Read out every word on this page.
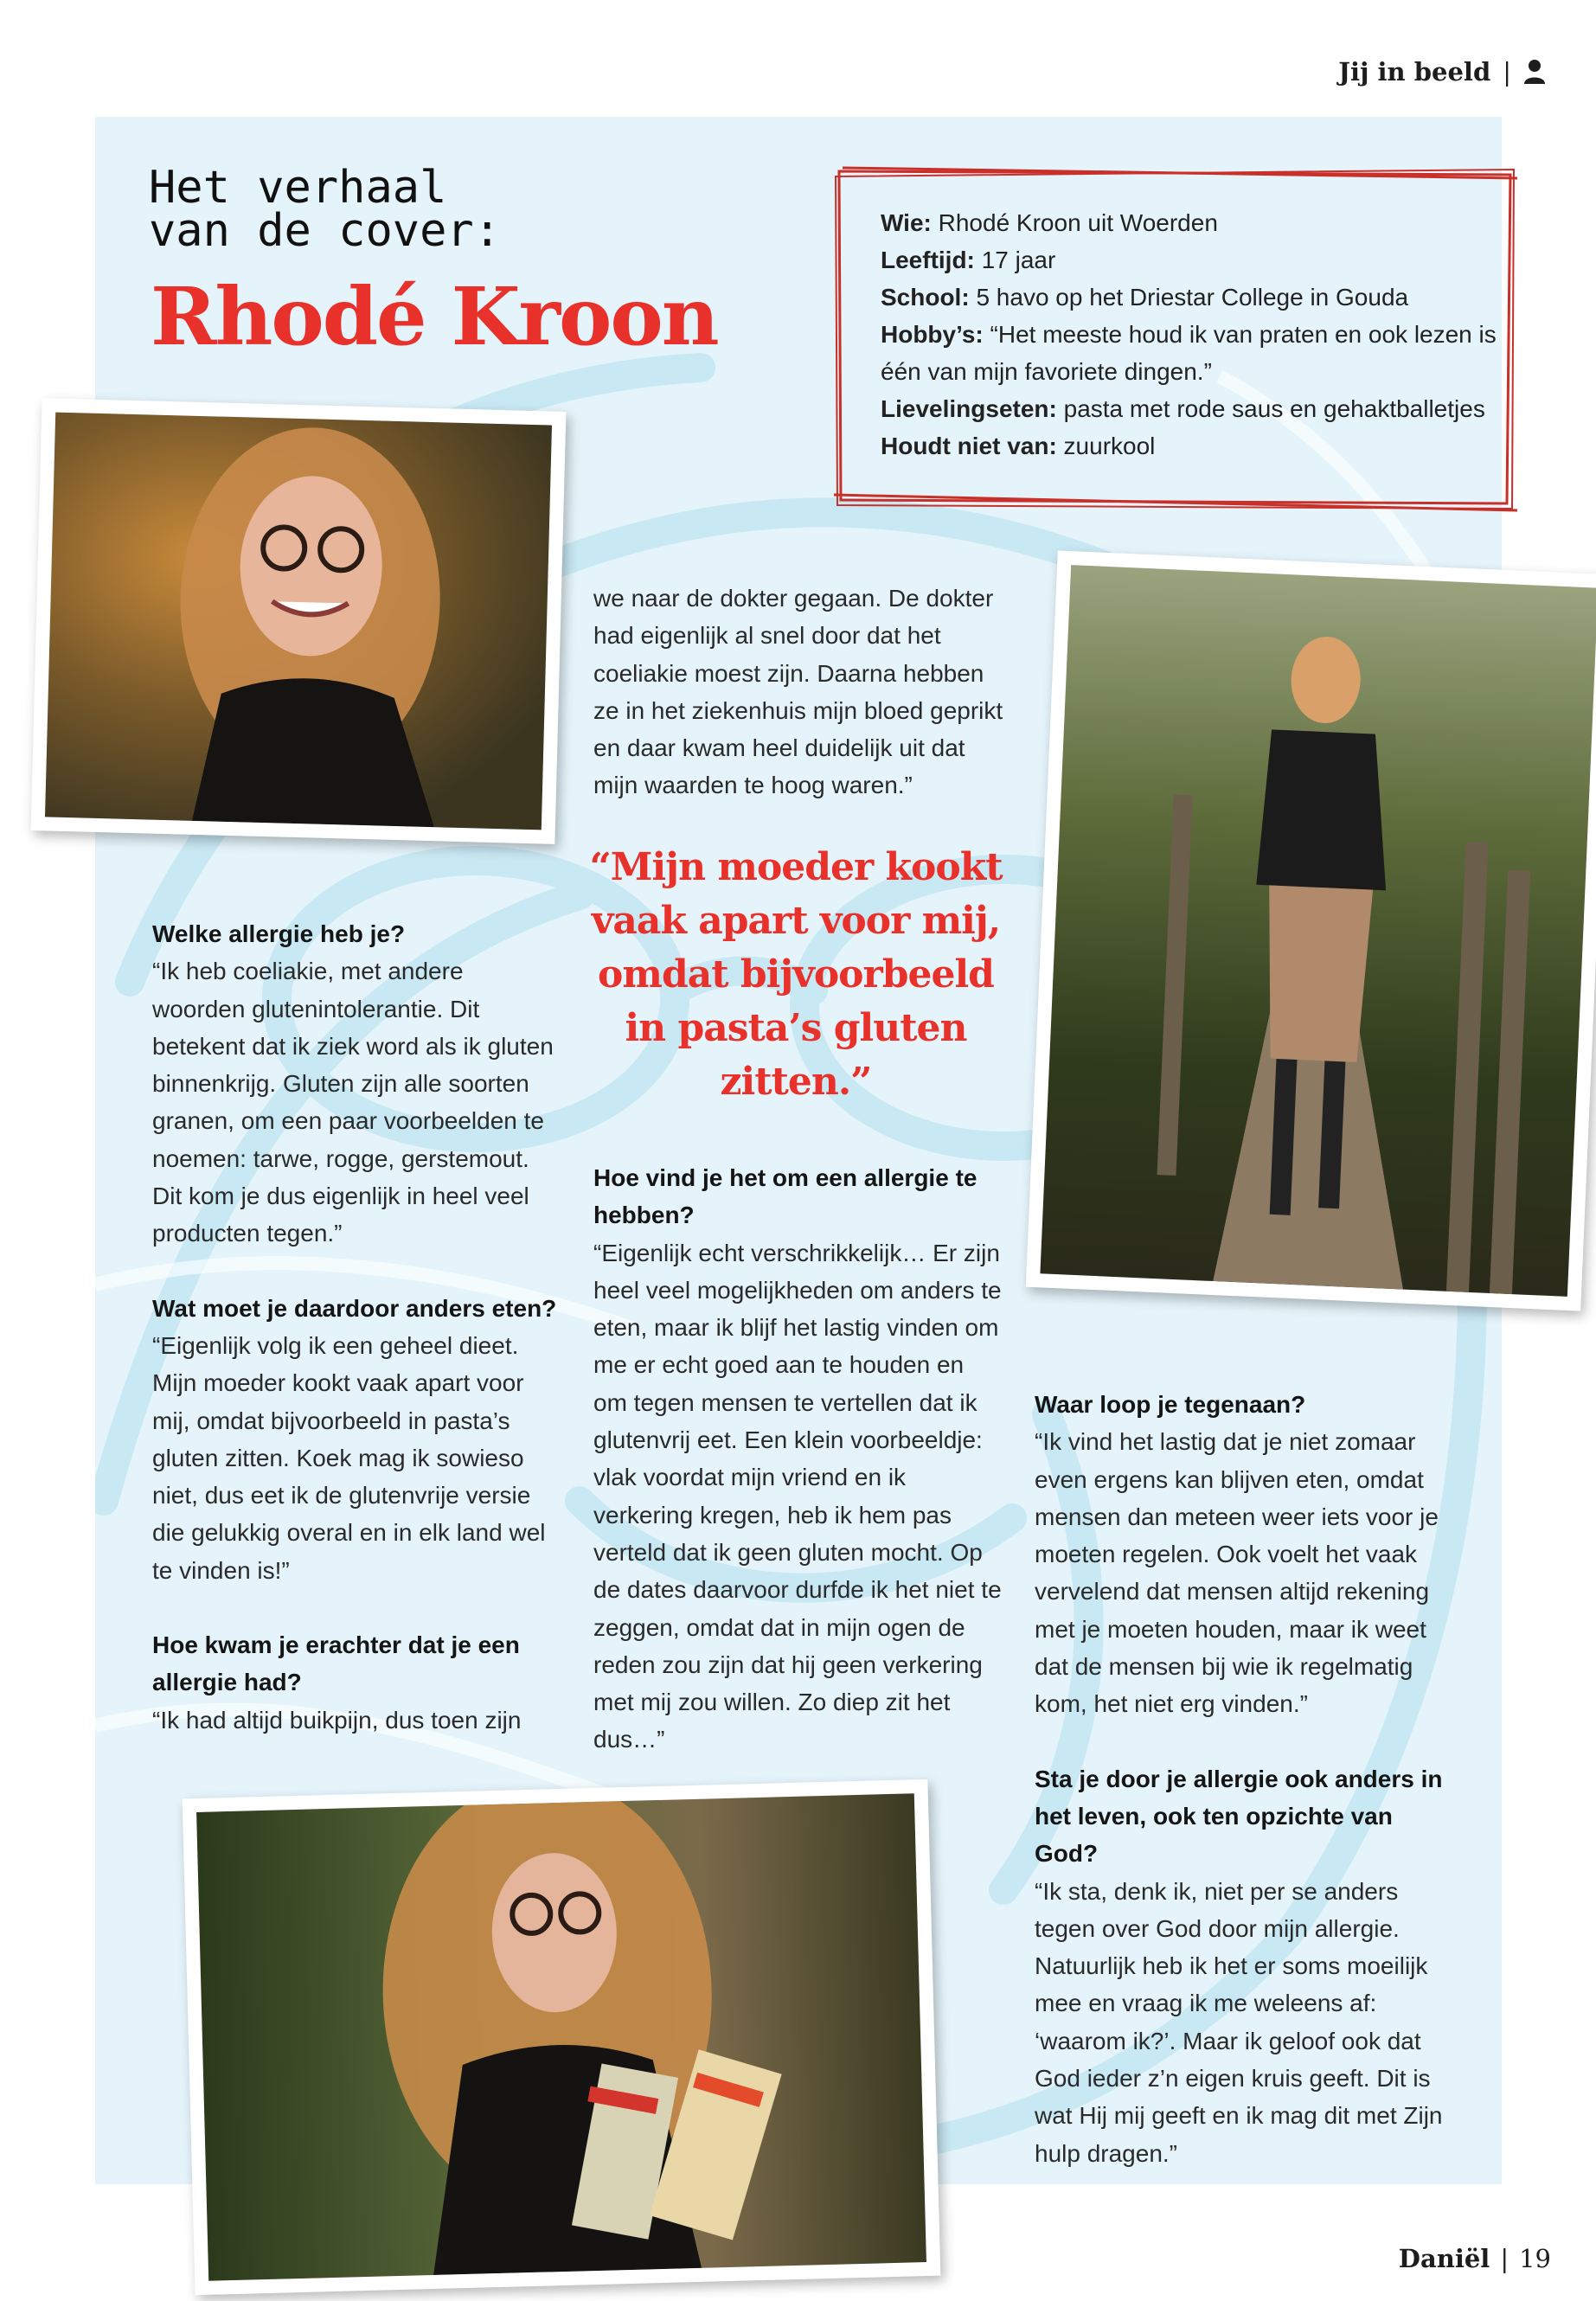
Jij in beeld |
Het verhaal
van de cover:
Rhodé Kroon
Wie: Rhodé Kroon uit Woerden
Leeftijd: 17 jaar
School: 5 havo op het Driestar College in Gouda
Hobby’s: “Het meeste houd ik van praten en ook lezen is één van mijn favoriete dingen.”
Lievelingseten: pasta met rode saus en gehaktballetjes
Houdt niet van: zuurkool

Welke allergie heb je?
“Ik heb coeliakie, met andere woorden glutenintolerantie. Dit betekent dat ik ziek word als ik gluten binnenkrijg. Gluten zijn alle soorten granen, om een paar voorbeelden te noemen: tarwe, rogge, gerstemout. Dit kom je dus eigenlijk in heel veel producten tegen.”

Wat moet je daardoor anders eten?
“Eigenlijk volg ik een geheel dieet. Mijn moeder kookt vaak apart voor mij, omdat bijvoorbeeld in pasta’s gluten zitten. Koek mag ik sowieso niet, dus eet ik de glutenvrije versie die gelukkig overal en in elk land wel te vinden is!”

Hoe kwam je erachter dat je een allergie had?
“Ik had altijd buikpijn, dus toen zijn

we naar de dokter gegaan. De dokter had eigenlijk al snel door dat het coeliakie moest zijn. Daarna hebben ze in het ziekenhuis mijn bloed geprikt en daar kwam heel duidelijk uit dat mijn waarden te hoog waren.”

“Mijn moeder kookt vaak apart voor mij, omdat bijvoorbeeld in pasta’s gluten zitten.”

Hoe vind je het om een allergie te hebben?
“Eigenlijk echt verschrikkelijk… Er zijn heel veel mogelijkheden om anders te eten, maar ik blijf het lastig vinden om me er echt goed aan te houden en om tegen mensen te vertellen dat ik glutenvrij eet. Een klein voorbeeldje: vlak voordat mijn vriend en ik verkering kregen, heb ik hem pas verteld dat ik geen gluten mocht. Op de dates daarvoor durfde ik het niet te zeggen, omdat dat in mijn ogen de reden zou zijn dat hij geen verkering met mij zou willen. Zo diep zit het dus…”

Waar loop je tegenaan?
“Ik vind het lastig dat je niet zomaar even ergens kan blijven eten, omdat mensen dan meteen weer iets voor je moeten regelen. Ook voelt het vaak vervelend dat mensen altijd rekening met je moeten houden, maar ik weet dat de mensen bij wie ik regelmatig kom, het niet erg vinden.”

Sta je door je allergie ook anders in het leven, ook ten opzichte van God?
“Ik sta, denk ik, niet per se anders tegen over God door mijn allergie. Natuurlijk heb ik het er soms moeilijk mee en vraag ik me weleens af: ‘waarom ik?’. Maar ik geloof ook dat God ieder z’n eigen kruis geeft. Dit is wat Hij mij geeft en ik mag dit met Zijn hulp dragen.”

Daniël | 19
